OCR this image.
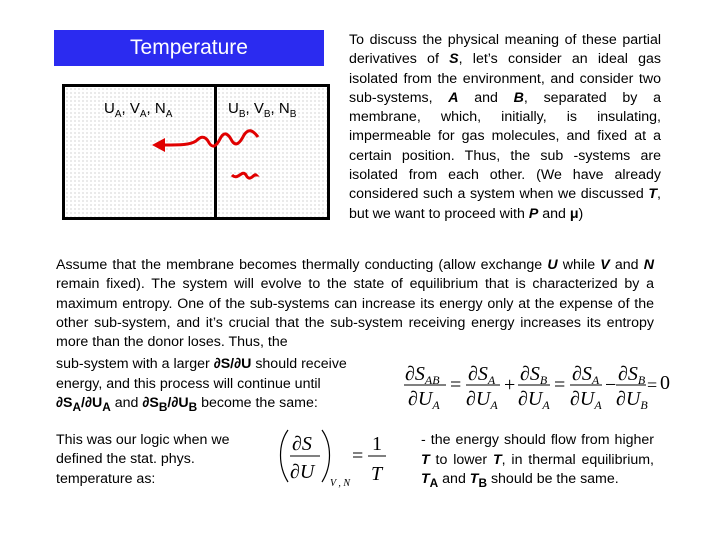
Temperature
$U_A$, $V_A$, $N_A$	$U_B$, $V_B$, $N_B$
To discuss the physical meaning of these partial derivatives of S, let’s consider an ideal gas isolated from the environment, and consider two sub-systems, A and B, separated by a membrane, which, initially, is insulating, impermeable for gas molecules, and fixed at a certain position. Thus, the sub -systems are isolated from each other. (We have already considered such a system when we discussed T, but we want to proceed with P and μ)
Assume that the membrane becomes thermally conducting (allow exchange U while V and N remain fixed). The system will evolve to the state of equilibrium that is characterized by a maximum entropy. One of the sub-systems can increase its energy only at the expense of the other sub-system, and it’s crucial that the sub-system receiving energy increases its entropy more than the donor loses. Thus, the
sub-system with a larger ∂S/∂U should receive
energy, and this process will continue until
$\partial S_A/\partial U_A$ and $\partial S_B/\partial U_B$ become the same:
$\partial S_{AB}$
$\partial U_A$
= $\partial S_A$
$\partial U_A$
+ $\partial S_B$
$\partial U_A$
= $\partial S_A$
$\partial U_A$
− $\partial S_B$
$\partial U_B$
= 0
This was our logic when we defined the stat. phys. temperature as:
∂S
∂U
V , N
=
1
T
- the energy should flow from higher T to lower T, in thermal equilibrium, $T_A$ and $T_B$ should be the same.
